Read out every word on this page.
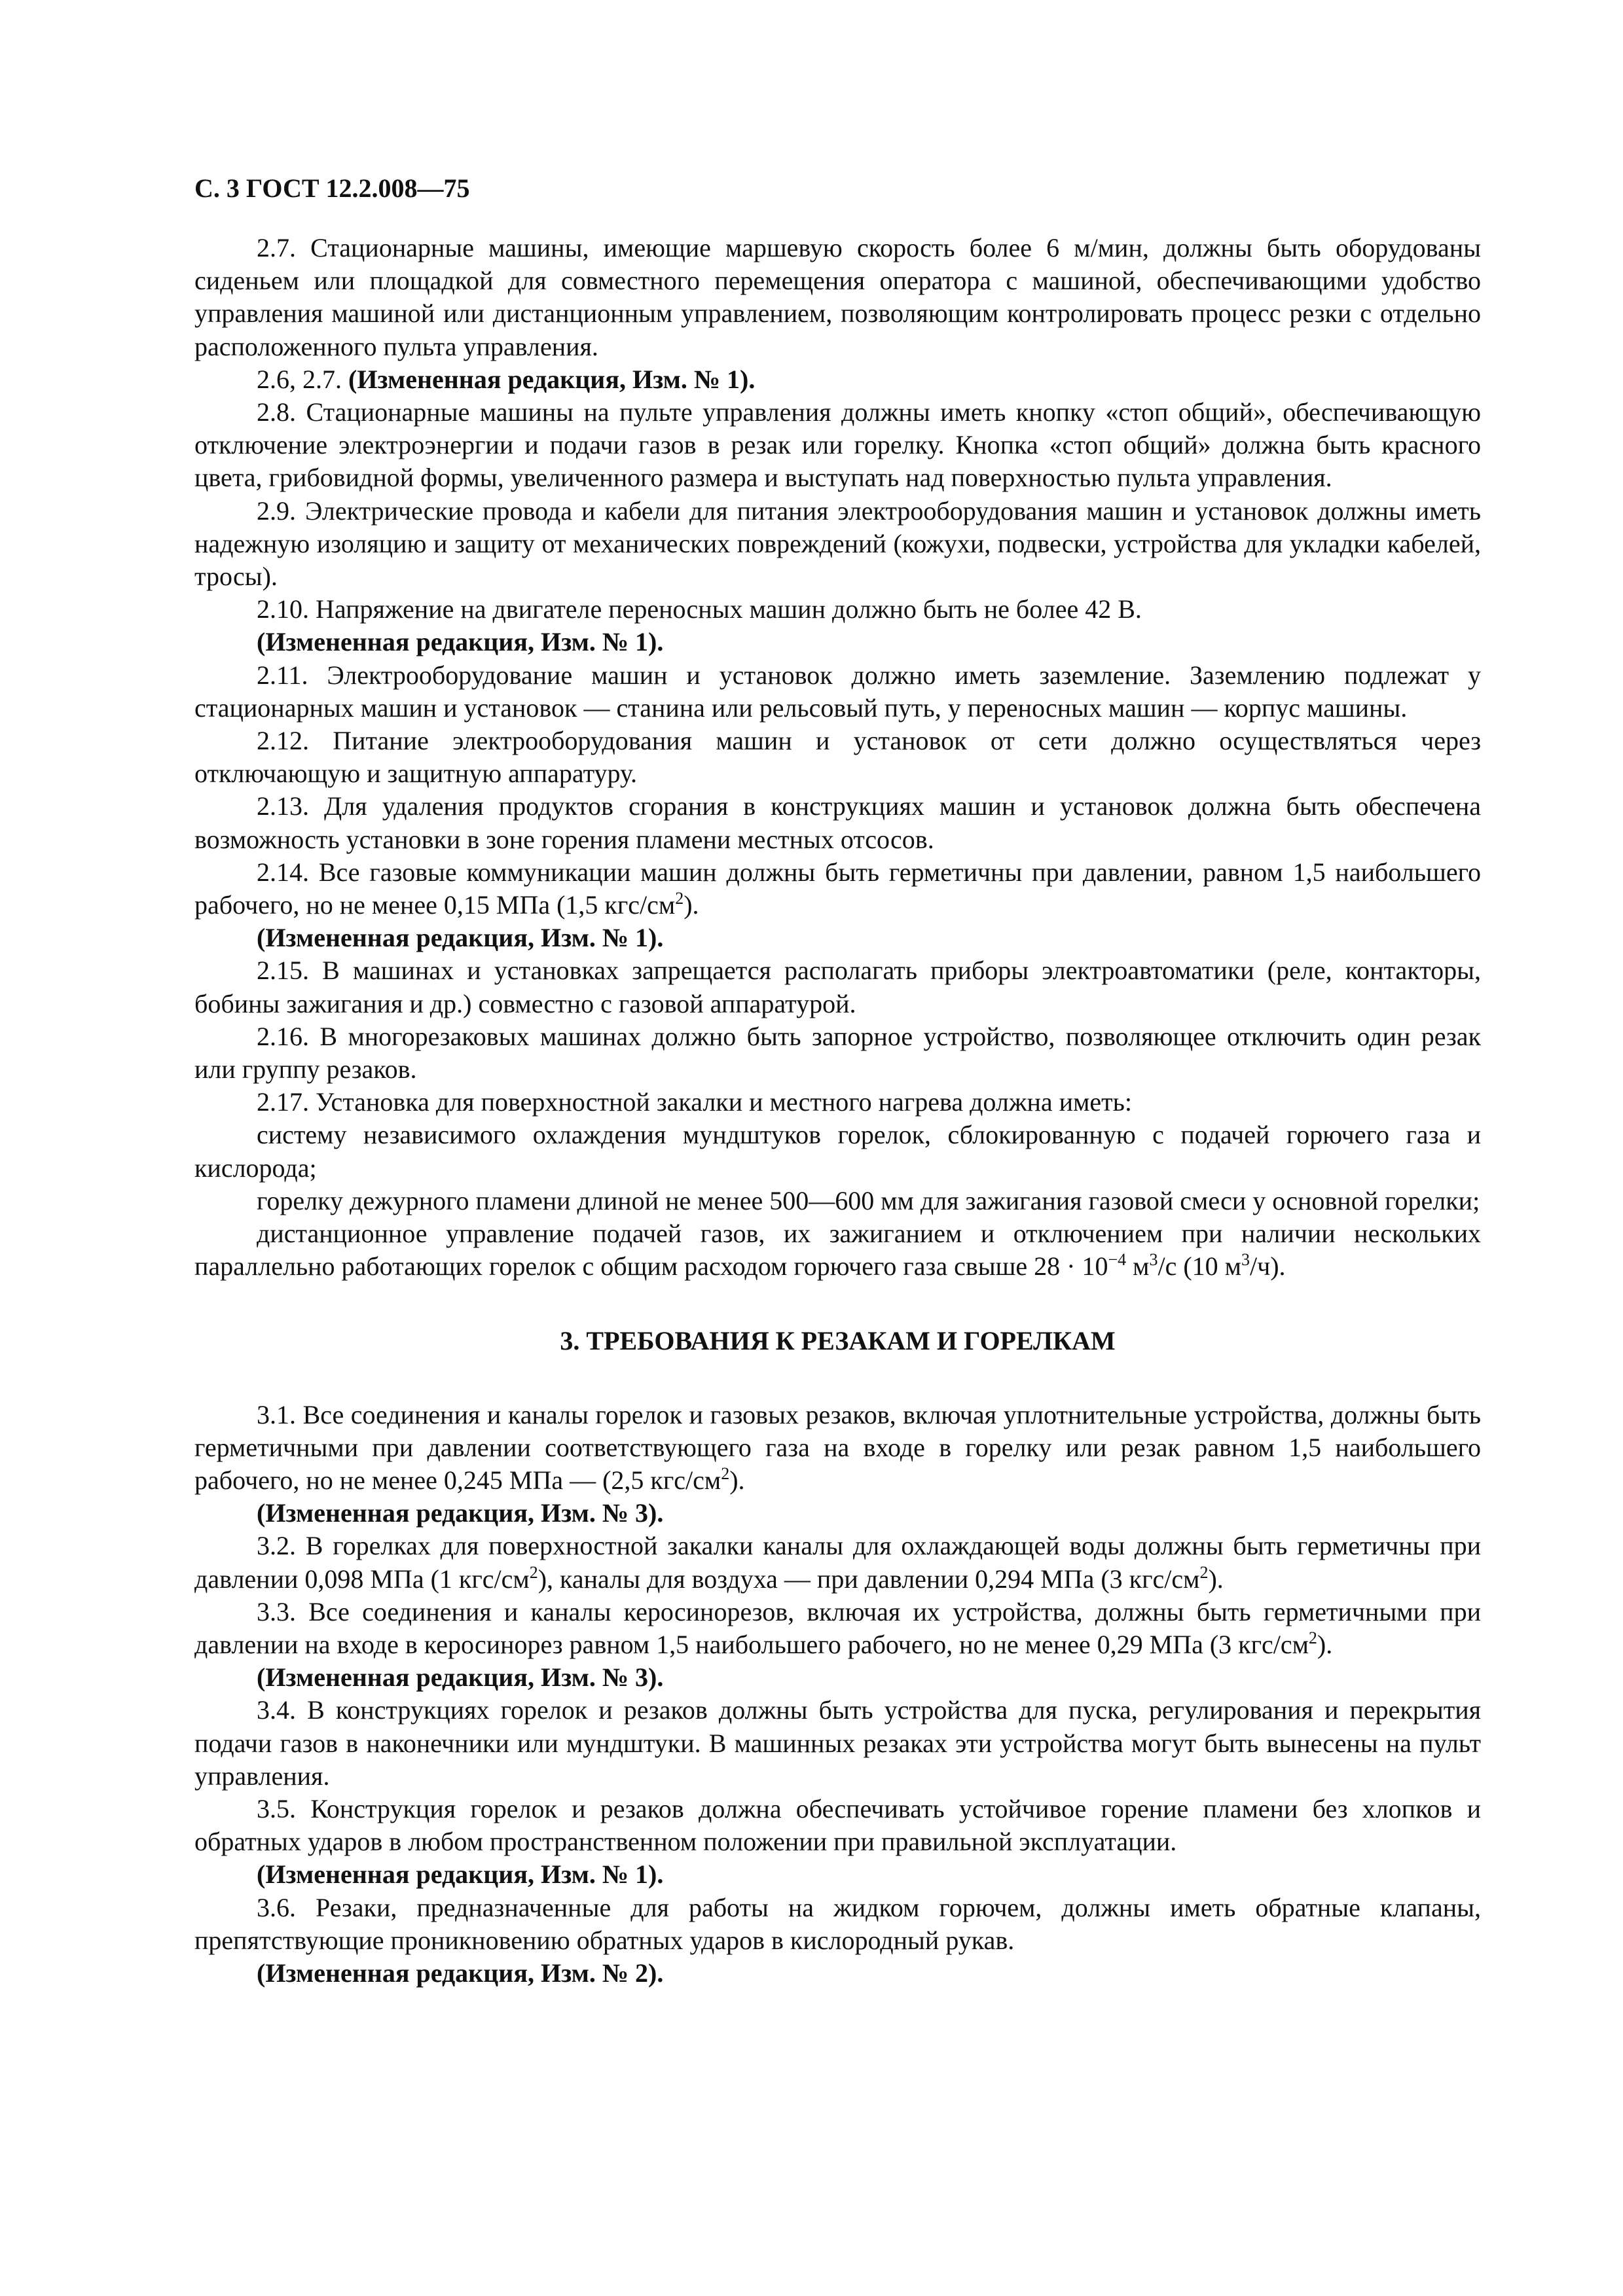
С. 3 ГОСТ 12.2.008—75

2.7. Стационарные машины, имеющие маршевую скорость более 6 м/мин, должны быть оборудованы сиденьем или площадкой для совместного перемещения оператора с машиной, обеспечивающими удобство управления машиной или дистанционным управлением, позволяющим контролировать процесс резки с отдельно расположенного пульта управления.

2.6, 2.7. (Измененная редакция, Изм. № 1).

2.8. Стационарные машины на пульте управления должны иметь кнопку «стоп общий», обеспечивающую отключение электроэнергии и подачи газов в резак или горелку. Кнопка «стоп общий» должна быть красного цвета, грибовидной формы, увеличенного размера и выступать над поверхностью пульта управления.

2.9. Электрические провода и кабели для питания электрооборудования машин и установок должны иметь надежную изоляцию и защиту от механических повреждений (кожухи, подвески, устройства для укладки кабелей, тросы).

2.10. Напряжение на двигателе переносных машин должно быть не более 42 В.

(Измененная редакция, Изм. № 1).

2.11. Электрооборудование машин и установок должно иметь заземление. Заземлению подлежат у стационарных машин и установок — станина или рельсовый путь, у переносных машин — корпус машины.

2.12. Питание электрооборудования машин и установок от сети должно осуществляться через отключающую и защитную аппаратуру.

2.13. Для удаления продуктов сгорания в конструкциях машин и установок должна быть обеспечена возможность установки в зоне горения пламени местных отсосов.

2.14. Все газовые коммуникации машин должны быть герметичны при давлении, равном 1,5 наибольшего рабочего, но не менее 0,15 МПа (1,5 кгс/$см^2$).

(Измененная редакция, Изм. № 1).

2.15. В машинах и установках запрещается располагать приборы электроавтоматики (реле, контакторы, бобины зажигания и др.) совместно с газовой аппаратурой.

2.16. В многорезаковых машинах должно быть запорное устройство, позволяющее отключить один резак или группу резаков.

2.17. Установка для поверхностной закалки и местного нагрева должна иметь:

систему независимого охлаждения мундштуков горелок, сблокированную с подачей горючего газа и кислорода;

горелку дежурного пламени длиной не менее 500—600 мм для зажигания газовой смеси у основной горелки;

дистанционное управление подачей газов, их зажиганием и отключением при наличии нескольких параллельно работающих горелок с общим расходом горючего газа свыше $28 \cdot 10^{-4}$ $м^3/с$ (10 $м^3/ч$).

3. ТРЕБОВАНИЯ К РЕЗАКАМ И ГОРЕЛКАМ

3.1. Все соединения и каналы горелок и газовых резаков, включая уплотнительные устройства, должны быть герметичными при давлении соответствующего газа на входе в горелку или резак равном 1,5 наибольшего рабочего, но не менее 0,245 МПа — (2,5 кгс/$см^2$).

(Измененная редакция, Изм. № 3).

3.2. В горелках для поверхностной закалки каналы для охлаждающей воды должны быть герметичны при давлении 0,098 МПа (1 кгс/$см^2$), каналы для воздуха — при давлении 0,294 МПа (3 кгс/$см^2$).

3.3. Все соединения и каналы керосинорезов, включая их устройства, должны быть герметичными при давлении на входе в керосинорез равном 1,5 наибольшего рабочего, но не менее 0,29 МПа (3 кгс/$см^2$).

(Измененная редакция, Изм. № 3).

3.4. В конструкциях горелок и резаков должны быть устройства для пуска, регулирования и перекрытия подачи газов в наконечники или мундштуки. В машинных резаках эти устройства могут быть вынесены на пульт управления.

3.5. Конструкция горелок и резаков должна обеспечивать устойчивое горение пламени без хлопков и обратных ударов в любом пространственном положении при правильной эксплуатации.

(Измененная редакция, Изм. № 1).

3.6. Резаки, предназначенные для работы на жидком горючем, должны иметь обратные клапаны, препятствующие проникновению обратных ударов в кислородный рукав.

(Измененная редакция, Изм. № 2).
